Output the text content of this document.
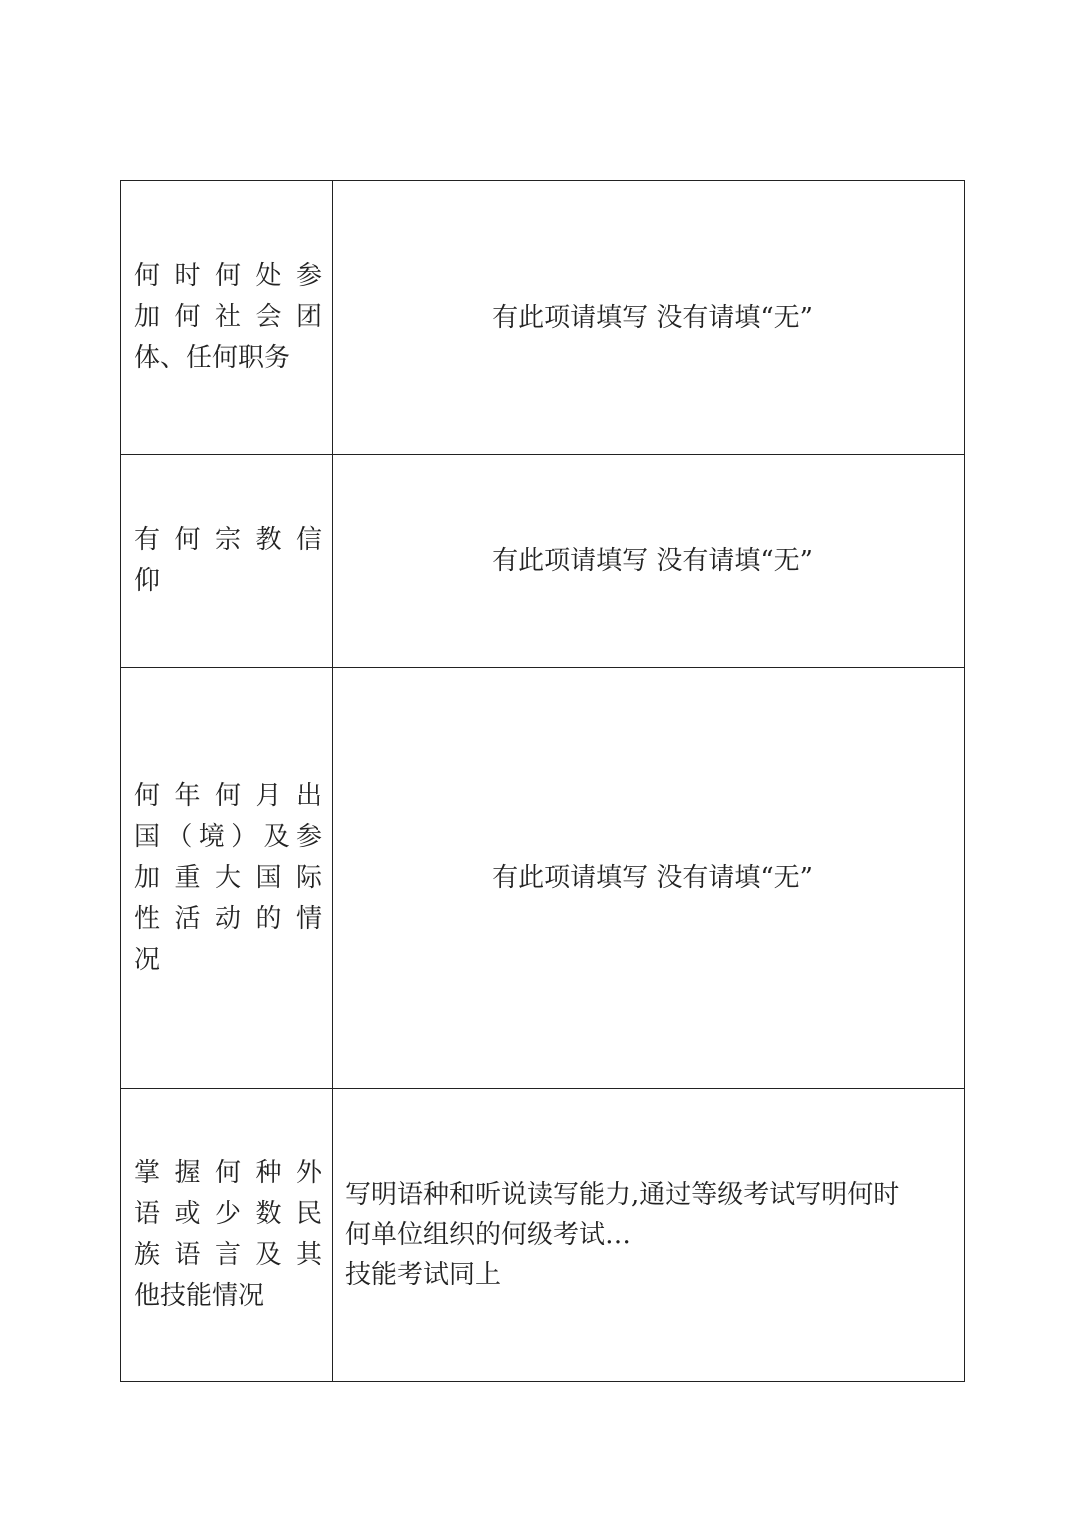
何时何处参
加何社会团
体、任何职务	有此项请填写 没有请填“无”

有何宗教信
仰	有此项请填写 没有请填“无”

何年何月出
国（境）及参
加重大国际
性活动的情
况	有此项请填写 没有请填“无”

掌握何种外
语或少数民
族语言及其
他技能情况	写明语种和听说读写能力,通过等级考试写明何时
何单位组织的何级考试…
技能考试同上
